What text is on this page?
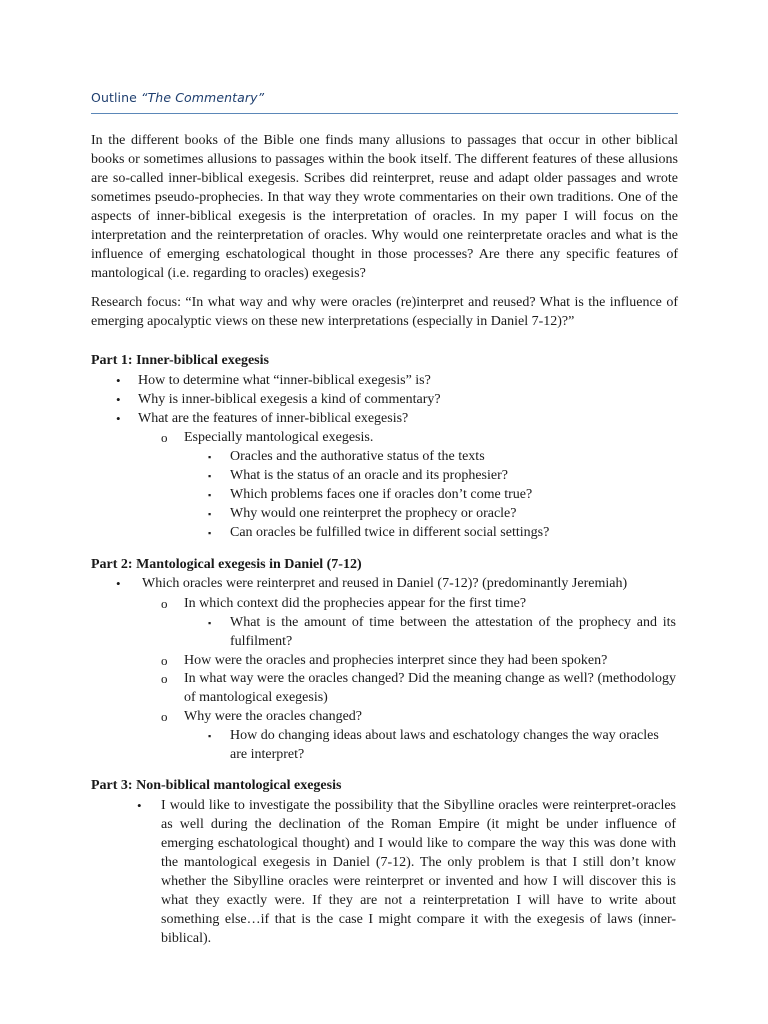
Outline “The Commentary”

In the different books of the Bible one finds many allusions to passages that occur in other biblical books or sometimes allusions to passages within the book itself. The different features of these allusions are so-called inner-biblical exegesis. Scribes did reinterpret, reuse and adapt older passages and wrote sometimes pseudo-prophecies. In that way they wrote commentaries on their own traditions. One of the aspects of inner-biblical exegesis is the interpretation of oracles. In my paper I will focus on the interpretation and the reinterpretation of oracles. Why would one reinterpretate oracles and what is the influence of emerging eschatological thought in those processes? Are there any specific features of mantological (i.e. regarding to oracles) exegesis?

Research focus: “In what way and why were oracles (re)interpret and reused? What is the influence of emerging apocalyptic views on these new interpretations (especially in Daniel 7-12)?”

Part 1: Inner-biblical exegesis

• How to determine what “inner-biblical exegesis” is?

• Why is inner-biblical exegesis a kind of commentary?

• What are the features of inner-biblical exegesis?

o Especially mantological exegesis.

▪ Oracles and the authorative status of the texts

▪ What is the status of an oracle and its prophesier?

▪ Which problems faces one if oracles don’t come true?

▪ Why would one reinterpret the prophecy or oracle?

▪ Can oracles be fulfilled twice in different social settings?

Part 2: Mantological exegesis in Daniel (7-12)

• Which oracles were reinterpret and reused in Daniel (7-12)? (predominantly Jeremiah)

o In which context did the prophecies appear for the first time?

▪ What is the amount of time between the attestation of the prophecy and its fulfilment?

o How were the oracles and prophecies interpret since they had been spoken?

o In what way were the oracles changed? Did the meaning change as well? (methodology of mantological exegesis)

o Why were the oracles changed?

▪ How do changing ideas about laws and eschatology changes the way oracles are interpret?

Part 3: Non-biblical mantological exegesis

• I would like to investigate the possibility that the Sibylline oracles were reinterpret-oracles as well during the declination of the Roman Empire (it might be under influence of emerging eschatological thought) and I would like to compare the way this was done with the mantological exegesis in Daniel (7-12). The only problem is that I still don’t know whether the Sibylline oracles were reinterpret or invented and how I will discover this is what they exactly were. If they are not a reinterpretation I will have to write about something else…if that is the case I might compare it with the exegesis of laws (inner-biblical).
